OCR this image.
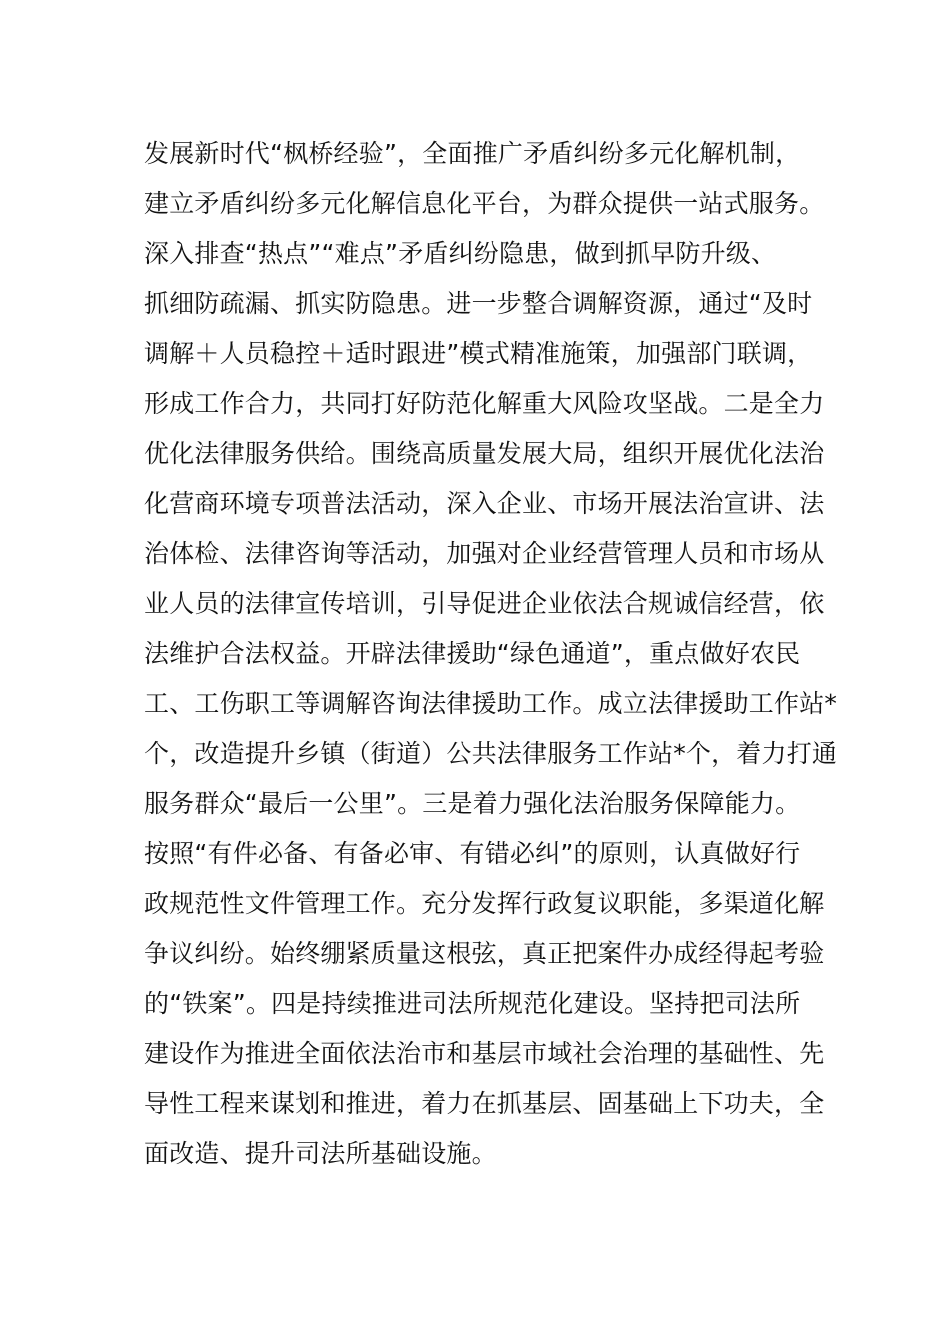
发展新时代“枫桥经验”，全面推广矛盾纠纷多元化解机制，
建立矛盾纠纷多元化解信息化平台，为群众提供一站式服务。
深入排查“热点”“难点”矛盾纠纷隐患，做到抓早防升级、
抓细防疏漏、抓实防隐患。进一步整合调解资源，通过“及时
调解＋人员稳控＋适时跟进”模式精准施策，加强部门联调，
形成工作合力，共同打好防范化解重大风险攻坚战。二是全力
优化法律服务供给。围绕高质量发展大局，组织开展优化法治
化营商环境专项普法活动，深入企业、市场开展法治宣讲、法
治体检、法律咨询等活动，加强对企业经营管理人员和市场从
业人员的法律宣传培训，引导促进企业依法合规诚信经营，依
法维护合法权益。开辟法律援助“绿色通道”，重点做好农民
工、工伤职工等调解咨询法律援助工作。成立法律援助工作站*
个，改造提升乡镇（街道）公共法律服务工作站*个，着力打通
服务群众“最后一公里”。三是着力强化法治服务保障能力。
按照“有件必备、有备必审、有错必纠”的原则，认真做好行
政规范性文件管理工作。充分发挥行政复议职能，多渠道化解
争议纠纷。始终绷紧质量这根弦，真正把案件办成经得起考验
的“铁案”。四是持续推进司法所规范化建设。坚持把司法所
建设作为推进全面依法治市和基层市域社会治理的基础性、先
导性工程来谋划和推进，着力在抓基层、固基础上下功夫，全
面改造、提升司法所基础设施。
